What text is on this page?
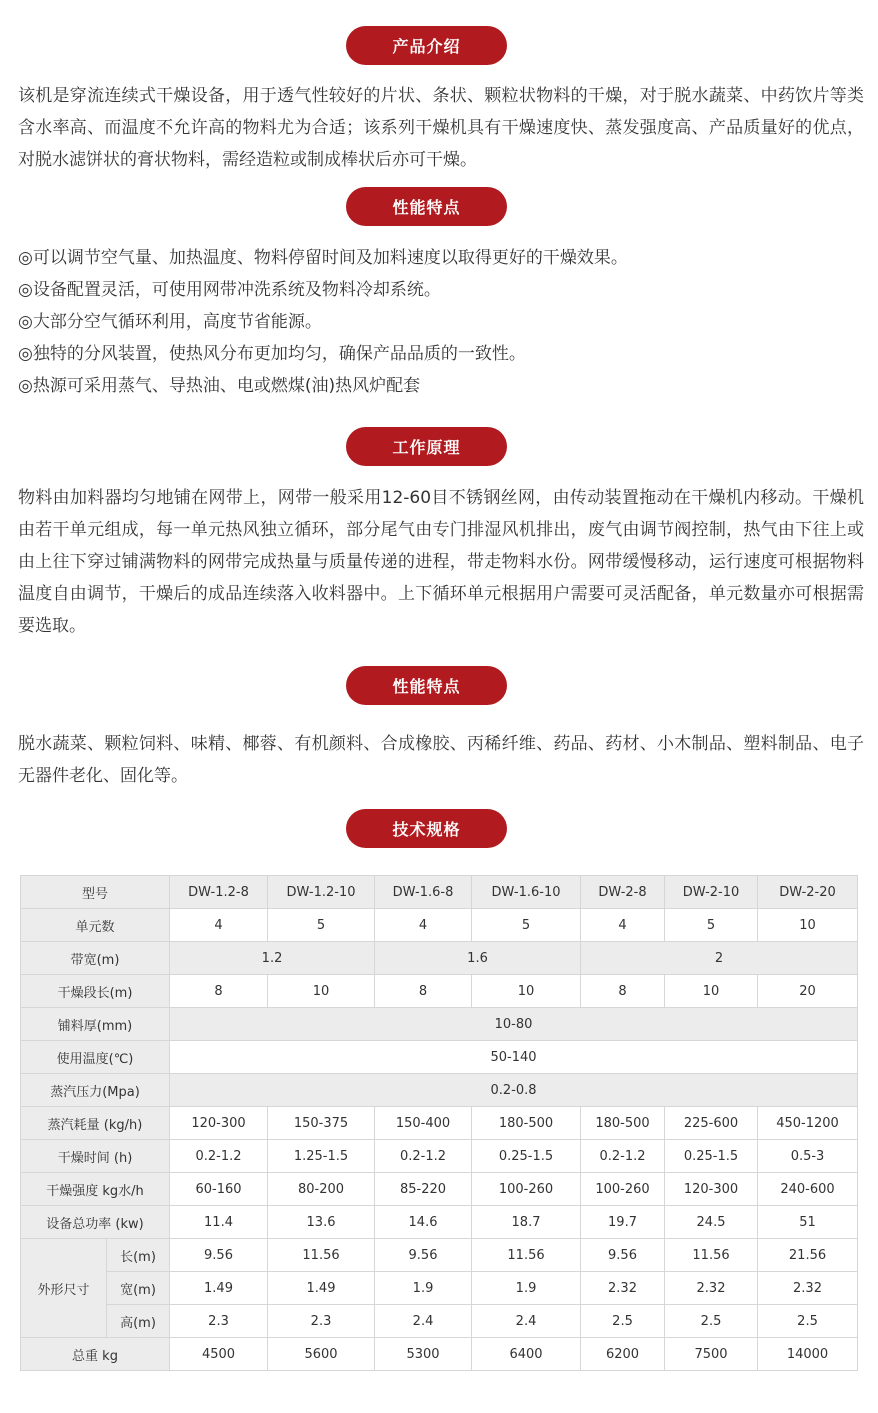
产品介绍
该机是穿流连续式干燥设备，用于透气性较好的片状、条状、颗粒状物料的干燥，对于脱水蔬菜、中药饮片等类含水率高、而温度不允许高的物料尤为合适；该系列干燥机具有干燥速度快、蒸发强度高、产品质量好的优点，对脱水滤饼状的膏状物料，需经造粒或制成棒状后亦可干燥。
性能特点
◎可以调节空气量、加热温度、物料停留时间及加料速度以取得更好的干燥效果。
◎设备配置灵活，可使用网带冲洗系统及物料冷却系统。
◎大部分空气循环利用，高度节省能源。
◎独特的分风装置，使热风分布更加均匀，确保产品品质的一致性。
◎热源可采用蒸气、导热油、电或燃煤(油)热风炉配套
工作原理
物料由加料器均匀地铺在网带上，网带一般采用12-60目不锈钢丝网，由传动装置拖动在干燥机内移动。干燥机由若干单元组成，每一单元热风独立循环，部分尾气由专门排湿风机排出，废气由调节阀控制，热气由下往上或由上往下穿过铺满物料的网带完成热量与质量传递的进程，带走物料水份。网带缓慢移动，运行速度可根据物料温度自由调节，干燥后的成品连续落入收料器中。上下循环单元根据用户需要可灵活配备，单元数量亦可根据需要选取。
性能特点
脱水蔬菜、颗粒饲料、味精、椰蓉、有机颜料、合成橡胶、丙稀纤维、药品、药材、小木制品、塑料制品、电子无器件老化、固化等。
技术规格
型号		DW-1.2-8	DW-1.2-10	DW-1.6-8	DW-1.6-10	DW-2-8	DW-2-10	DW-2-20
单元数		4	5	4	5	4	5	10
带宽(m)		1.2		1.6		2		
干燥段长(m)		8	10	8	10	8	10	20
铺料厚(mm)		10-80						
使用温度(℃)		50-140						
蒸汽压力(Mpa)		0.2-0.8						
蒸汽耗量 (kg/h)		120-300	150-375	150-400	180-500	180-500	225-600	450-1200
干燥时间 (h)		0.2-1.2	1.25-1.5	0.2-1.2	0.25-1.5	0.2-1.2	0.25-1.5	0.5-3
干燥强度 kg水/h		60-160	80-200	85-220	100-260	100-260	120-300	240-600
设备总功率 (kw)		11.4	13.6	14.6	18.7	19.7	24.5	51
外形尺寸	长(m)	9.56	11.56	9.56	11.56	9.56	11.56	21.56
	宽(m)	1.49	1.49	1.9	1.9	2.32	2.32	2.32
	高(m)	2.3	2.3	2.4	2.4	2.5	2.5	2.5
总重 kg		4500	5600	5300	6400	6200	7500	14000
